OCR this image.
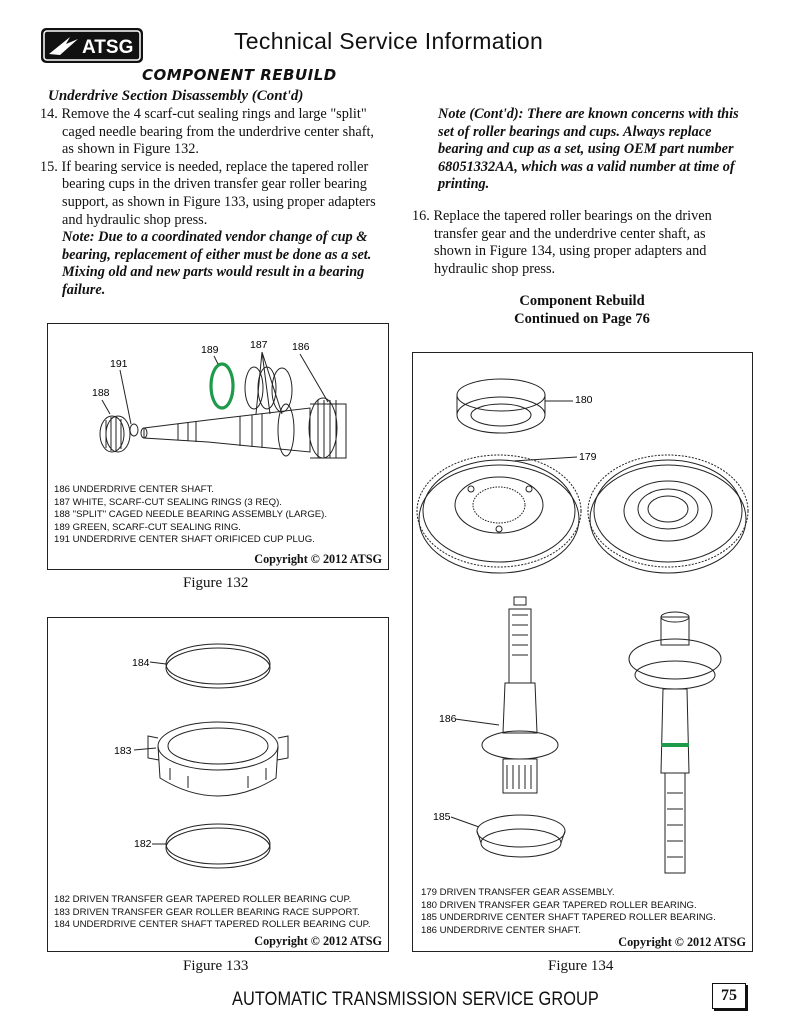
ATSG	Technical Service Information
COMPONENT REBUILD
Underdrive Section Disassembly (Cont'd)
14. Remove the 4 scarf-cut sealing rings and large "split" caged needle bearing from the underdrive center shaft, as shown in Figure 132.
15. If bearing service is needed, replace the tapered roller bearing cups in the driven transfer gear roller bearing support, as shown in Figure 133, using proper adapters and hydraulic shop press.
Note: Due to a coordinated vendor change of cup & bearing, replacement of either must be done as a set. Mixing old and new parts would result in a bearing failure.
Note (Cont'd): There are known concerns with this set of roller bearings and cups. Always replace bearing and cup as a set, using OEM part number 68051332AA, which was a valid number at time of printing.
16. Replace the tapered roller bearings on the driven transfer gear and the underdrive center shaft, as shown in Figure 134, using proper adapters and hydraulic shop press.
Component Rebuild
Continued on Page 76
189	187 186
191
188
186 UNDERDRIVE CENTER SHAFT.
187 WHITE, SCARF-CUT SEALING RINGS (3 REQ).
188 "SPLIT" CAGED NEEDLE BEARING ASSEMBLY (LARGE).
189 GREEN, SCARF-CUT SEALING RING.
191 UNDERDRIVE CENTER SHAFT ORIFICED CUP PLUG.
Copyright © 2012 ATSG
Figure 132
184
183
182
182 DRIVEN TRANSFER GEAR TAPERED ROLLER BEARING CUP.
183 DRIVEN TRANSFER GEAR ROLLER BEARING RACE SUPPORT.
184 UNDERDRIVE CENTER SHAFT TAPERED ROLLER BEARING CUP.
Copyright © 2012 ATSG
Figure 133
180
179
186
185
179 DRIVEN TRANSFER GEAR ASSEMBLY.
180 DRIVEN TRANSFER GEAR TAPERED ROLLER BEARING.
185 UNDERDRIVE CENTER SHAFT TAPERED ROLLER BEARING.
186 UNDERDRIVE CENTER SHAFT.
Copyright © 2012 ATSG
Figure 134
AUTOMATIC TRANSMISSION SERVICE GROUP	75
